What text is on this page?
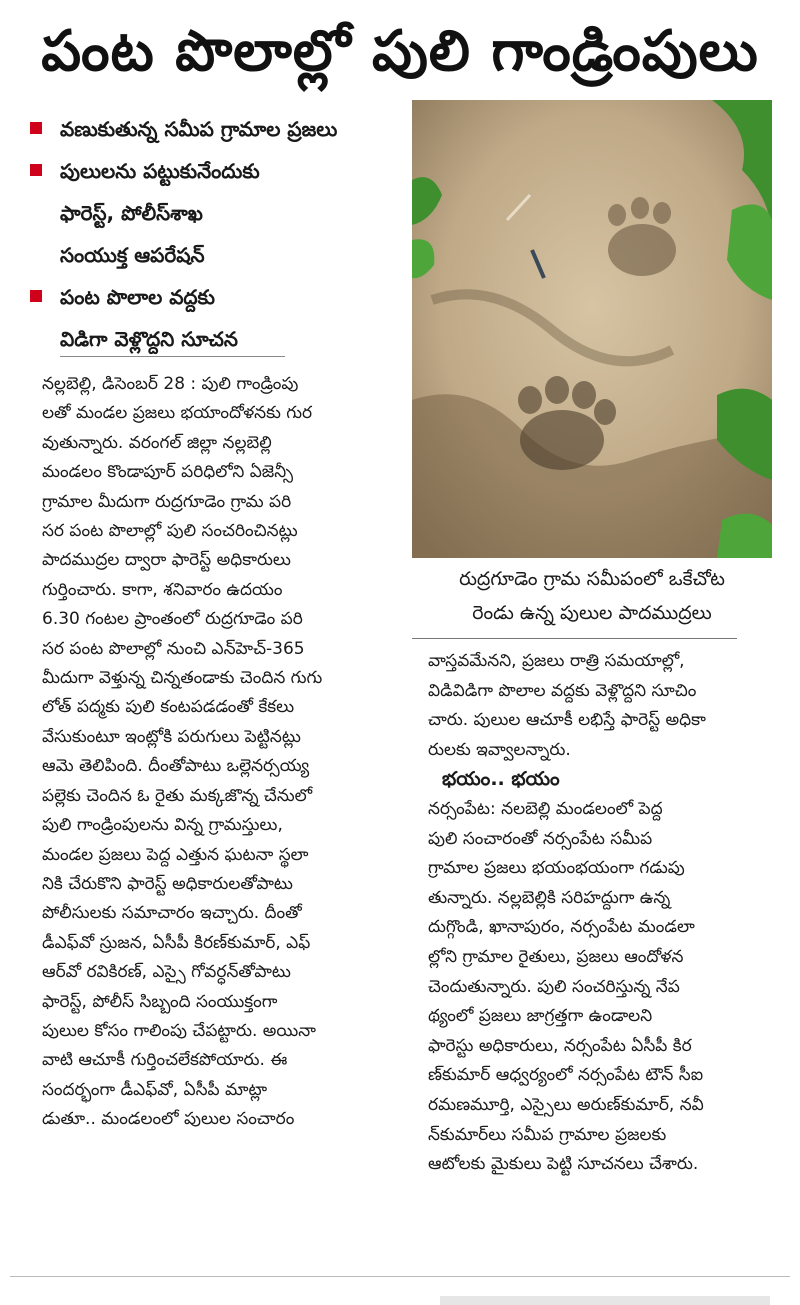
పంట పొలాల్లో పులి గాండ్రింపులు
వణుకుతున్న సమీప గ్రామాల ప్రజలు
పులులను పట్టుకునేందుకు
ఫారెస్ట్‌, పోలీస్‌శాఖ
సంయుక్త ఆపరేషన్‌
పంట పొలాల వద్దకు
విడిగా వెళ్లొద్దని సూచన
రుద్రగూడెం గ్రామ సమీపంలో ఒకేచోట
రెండు ఉన్న పులుల పాదముద్రలు
నల్లబెల్లి, డిసెంబర్‌ 28 : పులి గాండ్రింపు
లతో మండల ప్రజలు భయాందోళనకు గుర
వుతున్నారు. వరంగల్‌ జిల్లా నల్లబెల్లి
మండలం కొండాపూర్‌ పరిధిలోని ఏజెన్సీ
గ్రామాల మీదుగా రుద్రగూడెం గ్రామ పరి
సర పంట పొలాల్లో పులి సంచరించినట్లు
పాదముద్రల ద్వారా ఫారెస్ట్‌ అధికారులు
గుర్తించారు. కాగా, శనివారం ఉదయం
6.30 గంటల ప్రాంతంలో రుద్రగూడెం పరి
సర పంట పొలాల్లో నుంచి ఎన్‌హెచ్‌-365
మీదుగా వెళ్తున్న చిన్నతండాకు చెందిన గుగు
లోత్‌ పద్మకు పులి కంటపడడంతో కేకలు
వేసుకుంటూ ఇంట్లోకి పరుగులు పెట్టినట్లు
ఆమె తెలిపింది. దీంతోపాటు ఒల్లెనర్సయ్య
పల్లెకు చెందిన ఓ రైతు మక్కజొన్న చేనులో
పులి గాండ్రింపులను విన్న గ్రామస్తులు,
మండల ప్రజలు పెద్ద ఎత్తున ఘటనా స్థలా
నికి చేరుకొని ఫారెస్ట్‌ అధికారులతోపాటు
పోలీసులకు సమాచారం ఇచ్చారు. దీంతో
డీఎఫ్‌వో స్రుజన, ఏసీపీ కిరణ్‌కుమార్‌, ఎఫ్‌
ఆర్‌వో రవికిరణ్‌, ఎస్సై గోవర్ధన్‌తోపాటు
ఫారెస్ట్‌, పోలీస్‌ సిబ్బంది సంయుక్తంగా
పులుల కోసం గాలింపు చేపట్టారు. అయినా
వాటి ఆచూకీ గుర్తించలేకపోయారు. ఈ
సందర్భంగా డీఎఫ్‌వో, ఏసీపీ మాట్లా
డుతూ.. మండలంలో పులుల సంచారం
వాస్తవమేనని, ప్రజలు రాత్రి సమయాల్లో,
విడివిడిగా పొలాల వద్దకు వెళ్లొద్దని సూచిం
చారు. పులుల ఆచూకీ లభిస్తే ఫారెస్ట్‌ అధికా
రులకు ఇవ్వాలన్నారు.
భయం.. భయం
నర్సంపేట: నలబెల్లి మండలంలో పెద్ద
పులి సంచారంతో నర్సంపేట సమీప
గ్రామాల ప్రజలు భయంభయంగా గడుపు
తున్నారు. నల్లబెల్లికి సరిహద్దుగా ఉన్న
దుగ్గొండి, ఖానాపురం, నర్సంపేట మండలా
ల్లోని గ్రామాల రైతులు, ప్రజలు ఆందోళన
చెందుతున్నారు. పులి సంచరిస్తున్న నేప
థ్యంలో ప్రజలు జాగ్రత్తగా ఉండాలని
ఫారెస్టు అధికారులు, నర్సంపేట ఏసీపీ కిర
ణ్‌కుమార్‌ ఆధ్వర్యంలో నర్సంపేట టౌన్‌ సీఐ
రమణమూర్తి, ఎస్సైలు అరుణ్‌కుమార్‌, నవీ
న్‌కుమార్‌లు సమీప గ్రామాల ప్రజలకు
ఆటోలకు మైకులు పెట్టి సూచనలు చేశారు.
